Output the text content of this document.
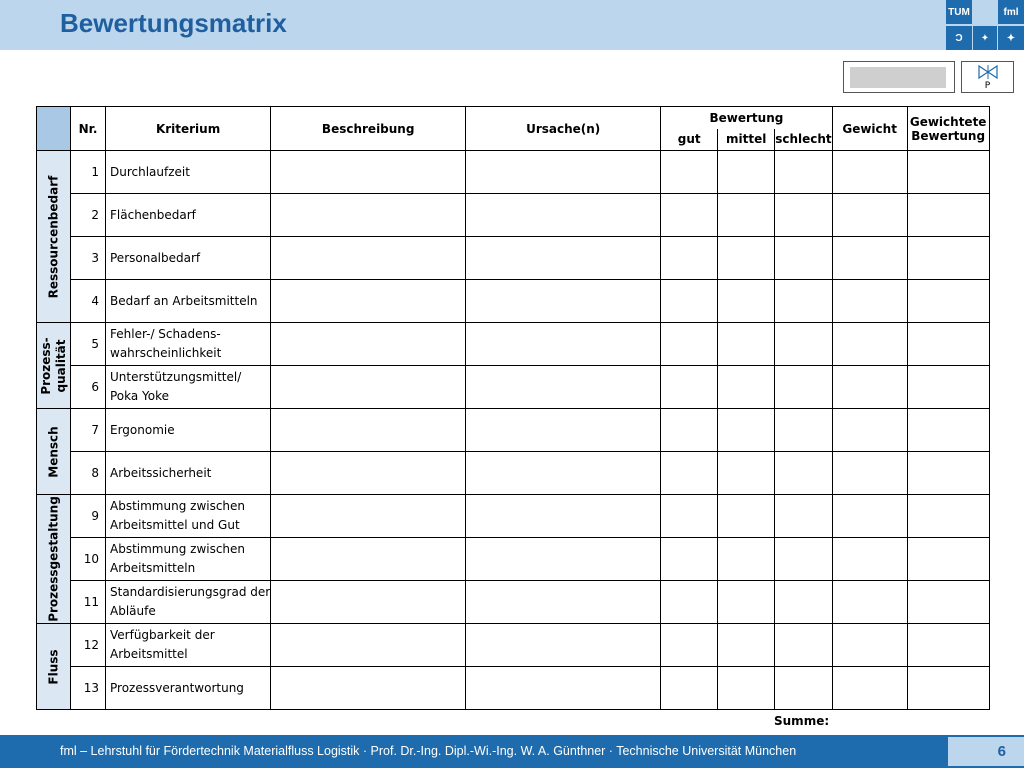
Bewertungsmatrix	TUM
Ɔ	✦
fml
✦
P
	Nr.	Kriterium	Beschreibung	Ursache(n)	Bewertung			Gewicht	Gewichtete Bewertung
					gut	mittel	schlecht		

Ressourcenbedarf	1	Durchlaufzeit							
	2	Flächenbedarf							
	3	Personalbedarf							
	4	Bedarf an Arbeitsmitteln							

Prozess-
qualität	5	Fehler-/ Schadens-
wahrscheinlichkeit							
	6	Unterstützungsmittel/
Poka Yoke							

Mensch	7	Ergonomie							
	8	Arbeitssicherheit							

Prozessgestaltung	9	Abstimmung zwischen
Arbeitsmittel und Gut							
	10	Abstimmung zwischen
Arbeitsmitteln							
	11	Standardisierungsgrad der
Abläufe							

Fluss	12	Verfügbarkeit der
Arbeitsmittel							
	13	Prozessverantwortung							
Summe:
fml – Lehrstuhl für Fördertechnik Materialfluss Logistik · Prof. Dr.-Ing. Dipl.-Wi.-Ing. W. A. Günthner · Technische Universität München	6
